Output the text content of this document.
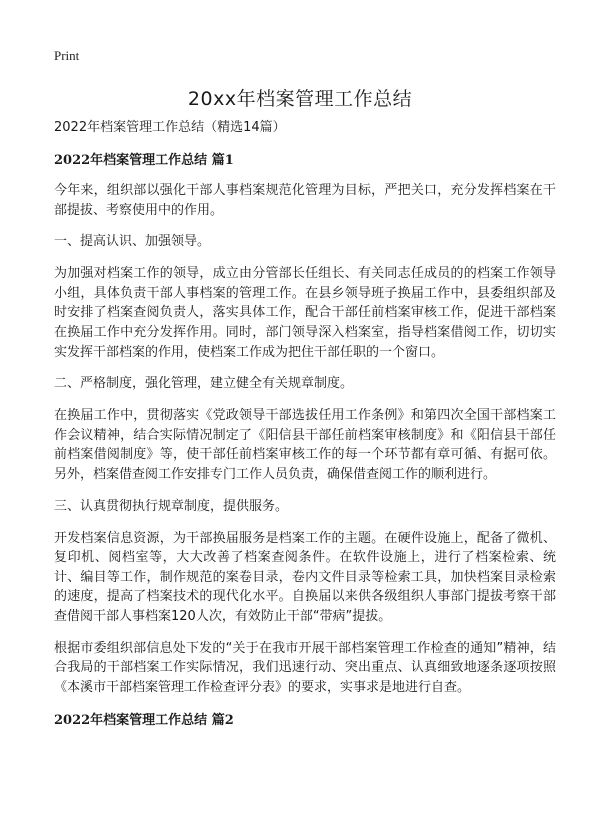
Print
20xx年档案管理工作总结

2022年档案管理工作总结（精选14篇）

2022年档案管理工作总结 篇1

今年来，组织部以强化干部人事档案规范化管理为目标，严把关口，充分发挥档案在干部提拔、考察使用中的作用。

一、提高认识、加强领导。

为加强对档案工作的领导，成立由分管部长任组长、有关同志任成员的的档案工作领导小组，具体负责干部人事档案的管理工作。在县乡领导班子换届工作中，县委组织部及时安排了档案查阅负责人，落实具体工作，配合干部任前档案审核工作，促进干部档案在换届工作中充分发挥作用。同时，部门领导深入档案室，指导档案借阅工作，切切实实发挥干部档案的作用，使档案工作成为把住干部任职的一个窗口。

二、严格制度，强化管理，建立健全有关规章制度。

在换届工作中，贯彻落实《党政领导干部选拔任用工作条例》和第四次全国干部档案工作会议精神，结合实际情况制定了《阳信县干部任前档案审核制度》和《阳信县干部任前档案借阅制度》等，使干部任前档案审核工作的每一个环节都有章可循、有据可依。另外，档案借查阅工作安排专门工作人员负责，确保借查阅工作的顺利进行。

三、认真贯彻执行规章制度，提供服务。

开发档案信息资源，为干部换届服务是档案工作的主题。在硬件设施上，配备了微机、复印机、阅档室等，大大改善了档案查阅条件。在软件设施上，进行了档案检索、统计、编目等工作，制作规范的案卷目录，卷内文件目录等检索工具，加快档案目录检索的速度，提高了档案技术的现代化水平。自换届以来供各级组织人事部门提拔考察干部查借阅干部人事档案120人次，有效防止干部“带病”提拔。

根据市委组织部信息处下发的“关于在我市开展干部档案管理工作检查的通知”精神，结合我局的干部档案工作实际情况，我们迅速行动、突出重点、认真细致地逐条逐项按照《本溪市干部档案管理工作检查评分表》的要求，实事求是地进行自查。

2022年档案管理工作总结 篇2
